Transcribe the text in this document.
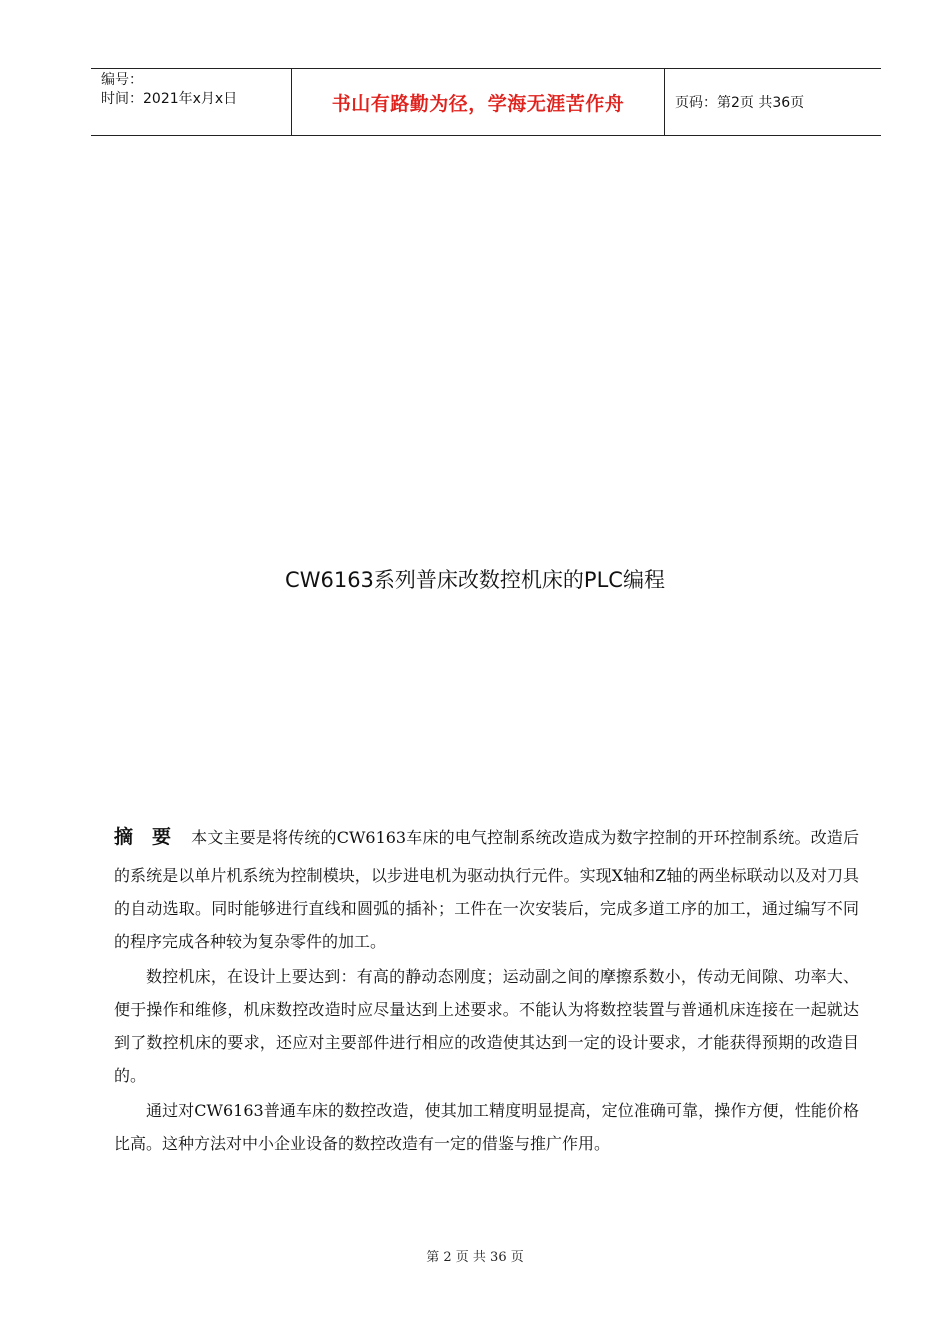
编号：
时间：2021年x月x日	书山有路勤为径，学海无涯苦作舟	页码：第2页 共36页
CW6163系列普床改数控机床的PLC编程

摘 要 本文主要是将传统的CW6163车床的电气控制系统改造成为数字控制的开环控制系统。改造后的系统是以单片机系统为控制模块，以步进电机为驱动执行元件。实现X轴和Z轴的两坐标联动以及对刀具的自动选取。同时能够进行直线和圆弧的插补；工件在一次安装后，完成多道工序的加工，通过编写不同的程序完成各种较为复杂零件的加工。

数控机床，在设计上要达到：有高的静动态刚度；运动副之间的摩擦系数小，传动无间隙、功率大、便于操作和维修，机床数控改造时应尽量达到上述要求。不能认为将数控装置与普通机床连接在一起就达到了数控机床的要求，还应对主要部件进行相应的改造使其达到一定的设计要求，才能获得预期的改造目的。

通过对CW6163普通车床的数控改造，使其加工精度明显提高，定位准确可靠，操作方便，性能价格比高。这种方法对中小企业设备的数控改造有一定的借鉴与推广作用。

第 2 页 共 36 页
